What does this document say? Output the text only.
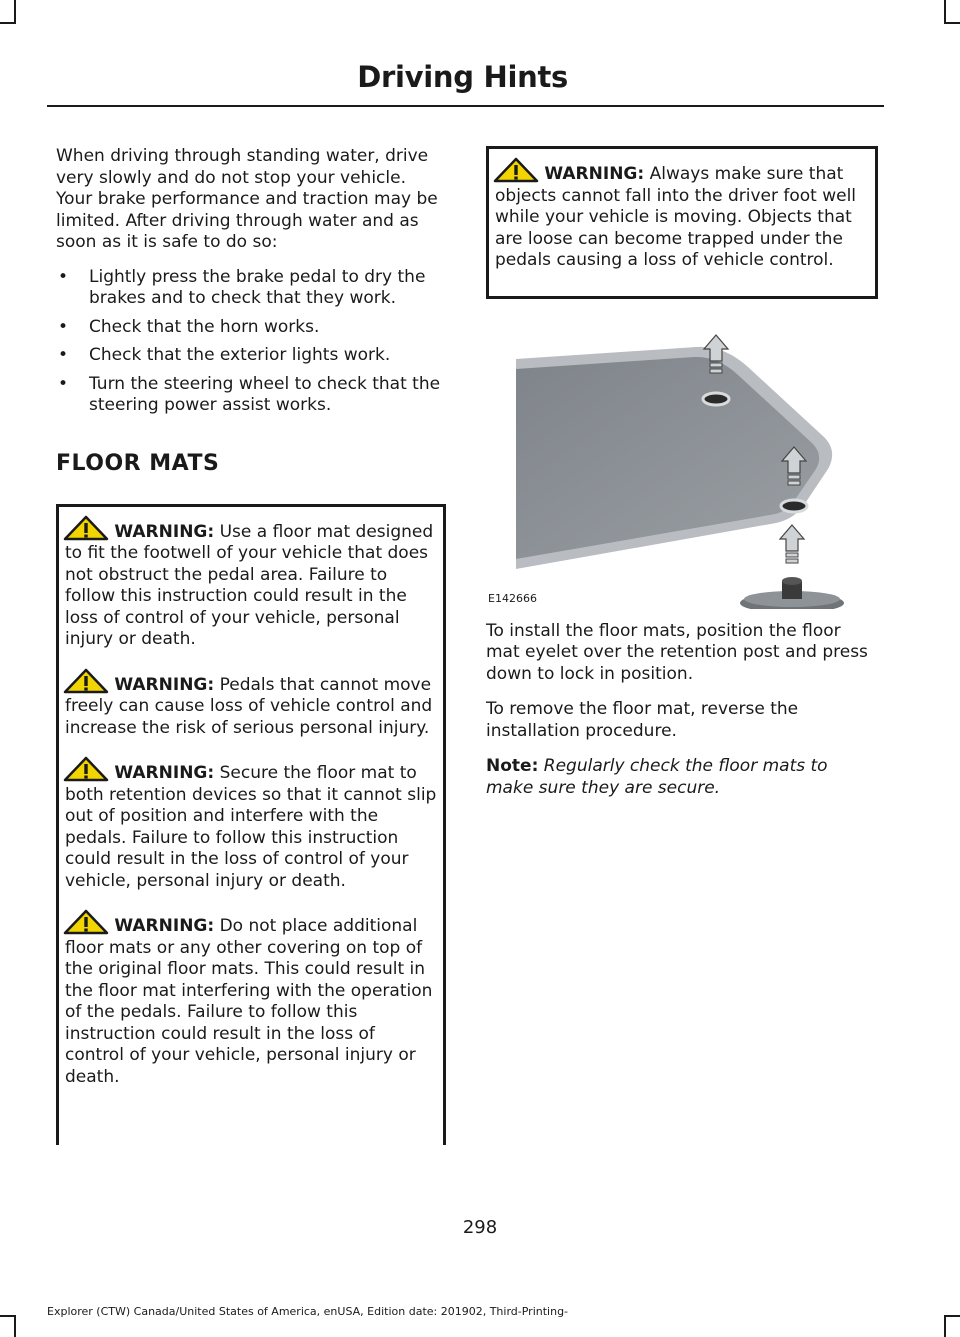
Driving Hints

When driving through standing water, drive very slowly and do not stop your vehicle. Your brake performance and traction may be limited. After driving through water and as soon as it is safe to do so:

• Lightly press the brake pedal to dry the brakes and to check that they work.
• Check that the horn works.
• Check that the exterior lights work.
• Turn the steering wheel to check that the steering power assist works.
FLOOR MATS

WARNING: Use a floor mat designed to fit the footwell of your vehicle that does not obstruct the pedal area. Failure to follow this instruction could result in the loss of control of your vehicle, personal injury or death.

WARNING: Pedals that cannot move freely can cause loss of vehicle control and increase the risk of serious personal injury.

WARNING: Secure the floor mat to both retention devices so that it cannot slip out of position and interfere with the pedals. Failure to follow this instruction could result in the loss of control of your vehicle, personal injury or death.

WARNING: Do not place additional floor mats or any other covering on top of the original floor mats. This could result in the floor mat interfering with the operation of the pedals. Failure to follow this instruction could result in the loss of control of your vehicle, personal injury or death.

WARNING: Always make sure that objects cannot fall into the driver foot well while your vehicle is moving. Objects that are loose can become trapped under the pedals causing a loss of vehicle control.

E142666

To install the floor mats, position the floor mat eyelet over the retention post and press down to lock in position.

To remove the floor mat, reverse the installation procedure.

Note: Regularly check the floor mats to make sure they are secure.

298
Explorer (CTW) Canada/United States of America, enUSA, Edition date: 201902, Third-Printing-
